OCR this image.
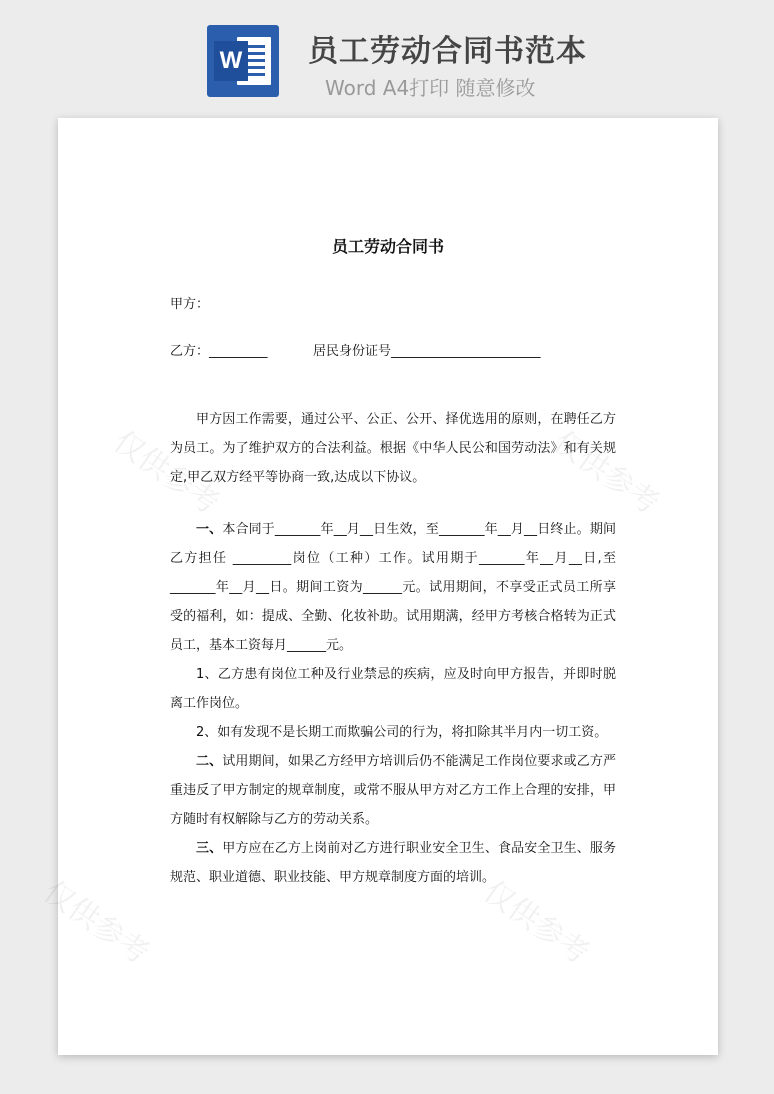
W 员工劳动合同书范本
Word A4打印 随意修改
仅供参考	仅供参考
仅供参考	仅供参考
员工劳动合同书
甲方：
乙方：_________	居民身份证号_______________________

甲方因工作需要，通过公平、公正、公开、择优选用的原则，在聘任乙方为员工。为了维护双方的合法利益。根据《中华人民公和国劳动法》和有关规定,甲乙双方经平等协商一致,达成以下协议。

一、本合同于_______年__月__日生效，至_______年__月__日终止。期间 乙方担任 _________岗位（工种）工作。试用期于_______年__月__日,至_______年__月__日。期间工资为______元。试用期间，不享受正式员工所享受的福利，如：提成、全勤、化妆补助。试用期满，经甲方考核合格转为正式员工，基本工资每月______元。

1、乙方患有岗位工种及行业禁忌的疾病，应及时向甲方报告，并即时脱离工作岗位。

2、如有发现不是长期工而欺骗公司的行为，将扣除其半月内一切工资。

二、试用期间，如果乙方经甲方培训后仍不能满足工作岗位要求或乙方严重违反了甲方制定的规章制度，或常不服从甲方对乙方工作上合理的安排，甲方随时有权解除与乙方的劳动关系。

三、甲方应在乙方上岗前对乙方进行职业安全卫生、食品安全卫生、服务规范、职业道德、职业技能、甲方规章制度方面的培训。
